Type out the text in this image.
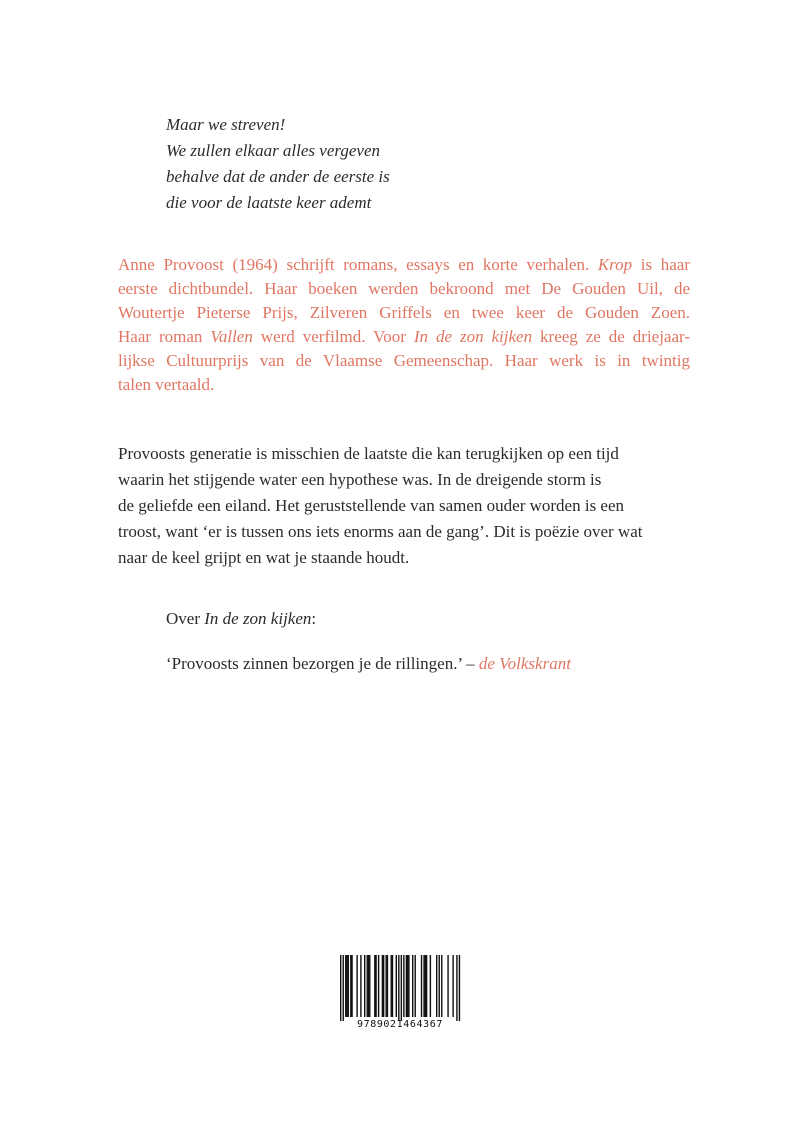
Maar we streven!
We zullen elkaar alles vergeven
behalve dat de ander de eerste is
die voor de laatste keer ademt
Anne Provoost (1964) schrijft romans, essays en korte verhalen. Krop is haar
eerste dichtbundel. Haar boeken werden bekroond met De Gouden Uil, de
Woutertje Pieterse Prijs, Zilveren Griffels en twee keer de Gouden Zoen.
Haar roman Vallen werd verfilmd. Voor In de zon kijken kreeg ze de driejaar-
lijkse Cultuurprijs van de Vlaamse Gemeenschap. Haar werk is in twintig
talen vertaald.
Provoosts generatie is misschien de laatste die kan terugkijken op een tijd
waarin het stijgende water een hypothese was. In de dreigende storm is
de geliefde een eiland. Het geruststellende van samen ouder worden is een
troost, want ‘er is tussen ons iets enorms aan de gang’. Dit is poëzie over wat
naar de keel grijpt en wat je staande houdt.
Over In de zon kijken:
‘Provoosts zinnen bezorgen je de rillingen.’ – de Volkskrant
9789021464367
